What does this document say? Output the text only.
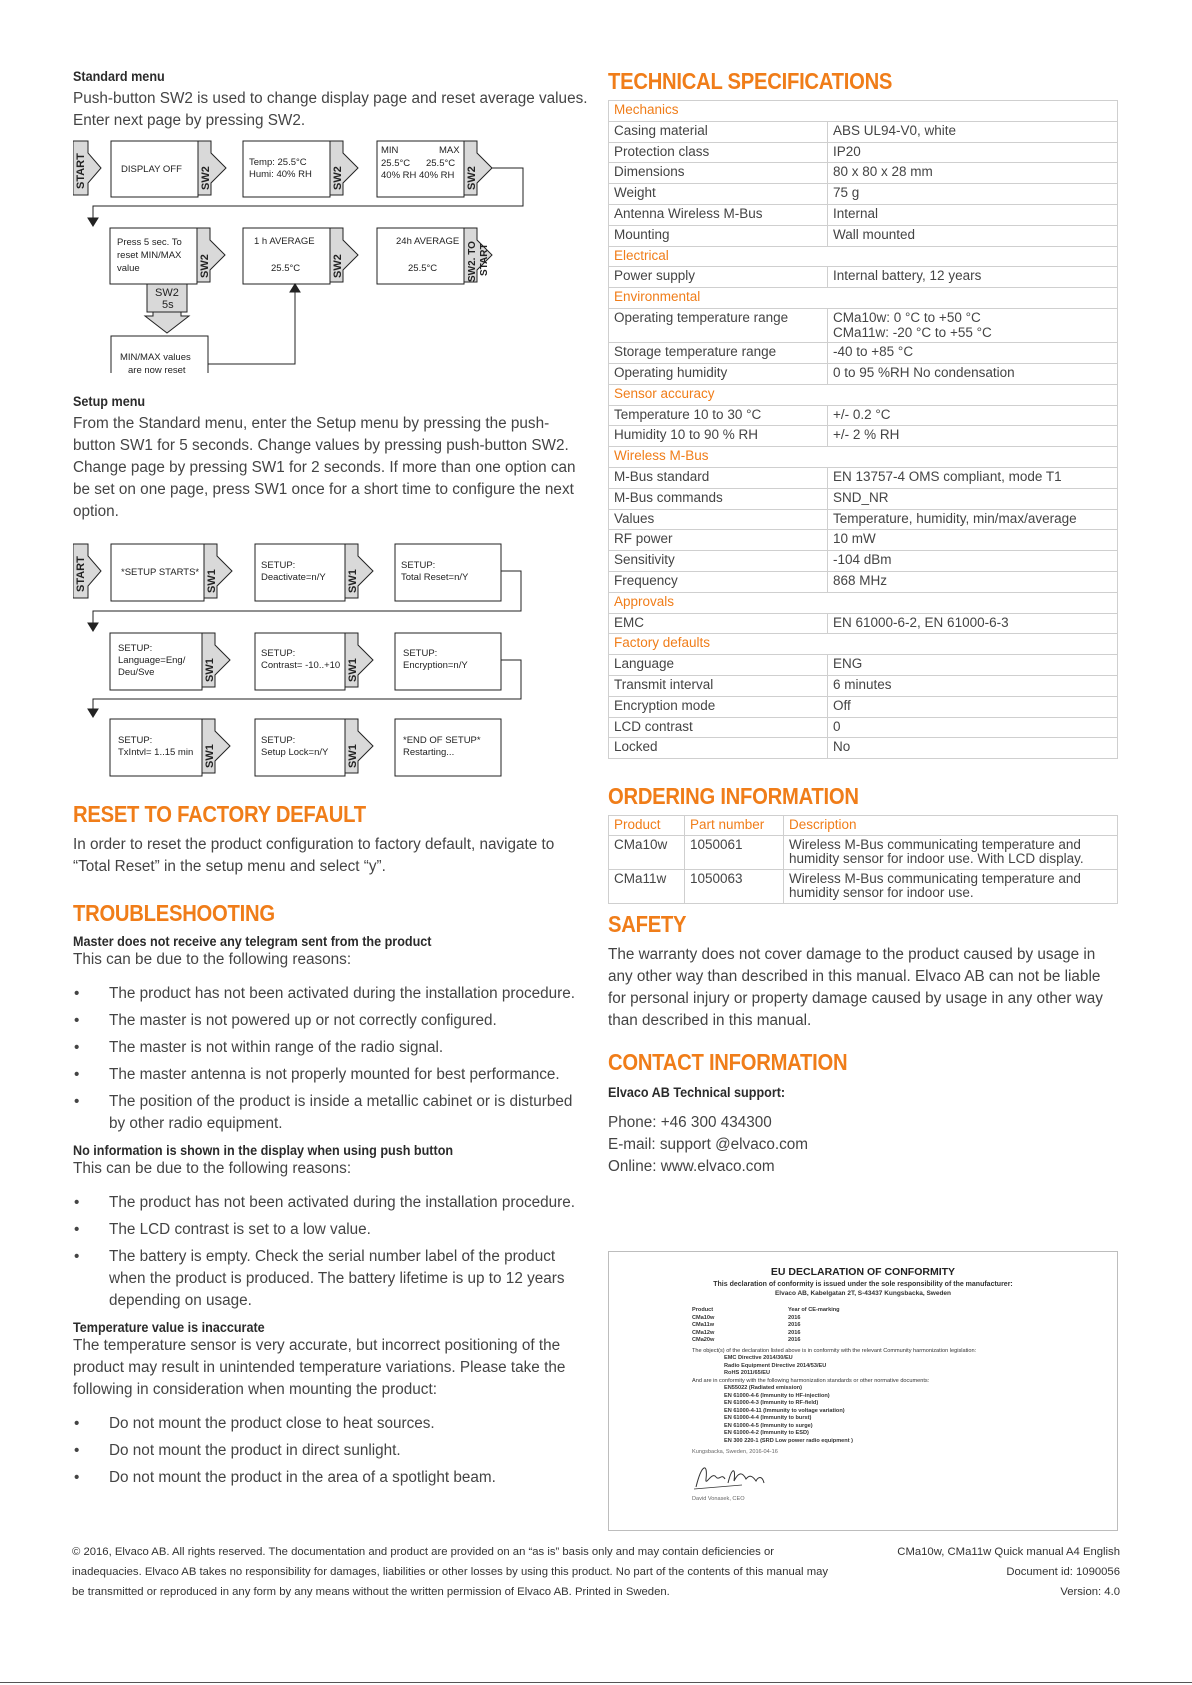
Standard menu
Push-button SW2 is used to change display page and reset average values. Enter next page by pressing SW2.
START	DISPLAY OFF SW2
Temp: 25.5°C
Humi: 40% RH SW2
MIN	MAX
25.5°C      25.5°C
40% RH 40% RH SW2
Press 5 sec. To
reset MIN/MAX
value	SW2
1 h AVERAGE
25.5°C	SW2
24h AVERAGE
25.5°C	SW2. TO START
SW2
5s
MIN/MAX values
are now reset
Setup menu
From the Standard menu, enter the Setup menu by pressing the push-button SW1 for 5 seconds. Change values by pressing push-button SW2. Change page by pressing SW1 for 2 seconds. If more than one option can be set on one page, press SW1 once for a short time to configure the next option.
START	*SETUP STARTS* SW1
SETUP:
Deactivate=n/Y SW1
SETUP:
Total Reset=n/Y
SETUP:
Language=Eng/
Deu/Sve	SW1
SETUP:
Contrast= -10..+10 SW1
SETUP:
Encryption=n/Y
SETUP:
TxIntvl= 1..15 min SW1
SETUP:
Setup Lock=n/Y SW1
*END OF SETUP*
Restarting...
RESET TO FACTORY DEFAULT
In order to reset the product configuration to factory default, navigate to “Total Reset” in the setup menu and select “y”.
TROUBLESHOOTING
Master does not receive any telegram sent from the product
This can be due to the following reasons:
• The product has not been activated during the installation procedure.
• The master is not powered up or not correctly configured.
• The master is not within range of the radio signal.
• The master antenna is not properly mounted for best performance.
• The position of the product is inside a metallic cabinet or is disturbed by other radio equipment.
No information is shown in the display when using push button
This can be due to the following reasons:
• The product has not been activated during the installation procedure.
• The LCD contrast is set to a low value.
• The battery is empty. Check the serial number label of the product when the product is produced. The battery lifetime is up to 12 years depending on usage.
Temperature value is inaccurate
The temperature sensor is very accurate, but incorrect positioning of the product may result in unintended temperature variations. Please take the following in consideration when mounting the product:
• Do not mount the product close to heat sources.
• Do not mount the product in direct sunlight.
• Do not mount the product in the area of a spotlight beam.
TECHNICAL SPECIFICATIONS
Mechanics	
Casing material	ABS UL94-V0, white

Protection class	IP20

Dimensions	80 x 80 x 28 mm

Weight	75 g

Antenna Wireless M-Bus	Internal

Mounting	Wall mounted

Electrical	
Power supply	Internal battery, 12 years

Environmental	
Operating temperature range	CMa10w: 0 °C to +50 °C
CMa11w: -20 °C to +55 °C

Storage temperature range	-40 to +85 °C

Operating humidity	0 to 95 %RH No condensation

Sensor accuracy	
Temperature 10 to 30 °C	+/- 0.2 °C

Humidity 10 to 90 % RH	+/- 2 % RH

Wireless M-Bus	
M-Bus standard	EN 13757-4 OMS compliant, mode T1

M-Bus commands	SND_NR

Values	Temperature, humidity, min/max/average

RF power	10 mW

Sensitivity	-104 dBm

Frequency	868 MHz

Approvals	
EMC	EN 61000-6-2, EN 61000-6-3

Factory defaults	
Language	ENG

Transmit interval	6 minutes

Encryption mode	Off

LCD contrast	0

Locked	No
ORDERING INFORMATION
Product	Part number	Description
CMa10w	1050061	Wireless M-Bus communicating temperature and humidity sensor for indoor use. With LCD display.
CMa11w	1050063	Wireless M-Bus communicating temperature and humidity sensor for indoor use.
SAFETY
The warranty does not cover damage to the product caused by usage in any other way than described in this manual. Elvaco AB can not be liable for personal injury or property damage caused by usage in any other way than described in this manual.
CONTACT INFORMATION
Elvaco AB Technical support:
Phone: +46 300 434300
E-mail: support @elvaco.com
Online: www.elvaco.com
EU DECLARATION OF CONFORMITY
This declaration of conformity is issued under the sole responsibility of the manufacturer:
Elvaco AB, Kabelgatan 2T, S-43437 Kungsbacka, Sweden
Product	Year of CE-marking
CMa10w	2016
CMa11w	2016
CMa12w	2016
CMa20w	2016
The object(s) of the declaration listed above is in conformity with the relevant Community harmonization legislation:
EMC Directive 2014/30/EU
Radio Equipment Directive 2014/53/EU
RoHS 2011/65/EU
And are in conformity with the following harmonization standards or other normative documents:
EN55022 (Radiated emission)
EN 61000-4-6 (Immunity to HF-injection)
EN 61000-4-3 (Immunity to RF-field)
EN 61000-4-11 (Immunity to voltage variation)
EN 61000-4-4 (Immunity to burst)
EN 61000-4-5 (Immunity to surge)
EN 61000-4-2 (Immunity to ESD)
EN 300 220-1 (SRD Low power radio equipment )
Kungsbacka, Sweden, 2016-04-16
David Vonasek, CEO
© 2016, Elvaco AB. All rights reserved. The documentation and product are provided on an “as is” basis only and may contain deficiencies or inadequacies. Elvaco AB takes no responsibility for damages, liabilities or other losses by using this product. No part of the contents of this manual may be transmitted or reproduced in any form by any means without the written permission of Elvaco AB. Printed in Sweden.
CMa10w, CMa11w Quick manual A4 English
Document id: 1090056
Version: 4.0
